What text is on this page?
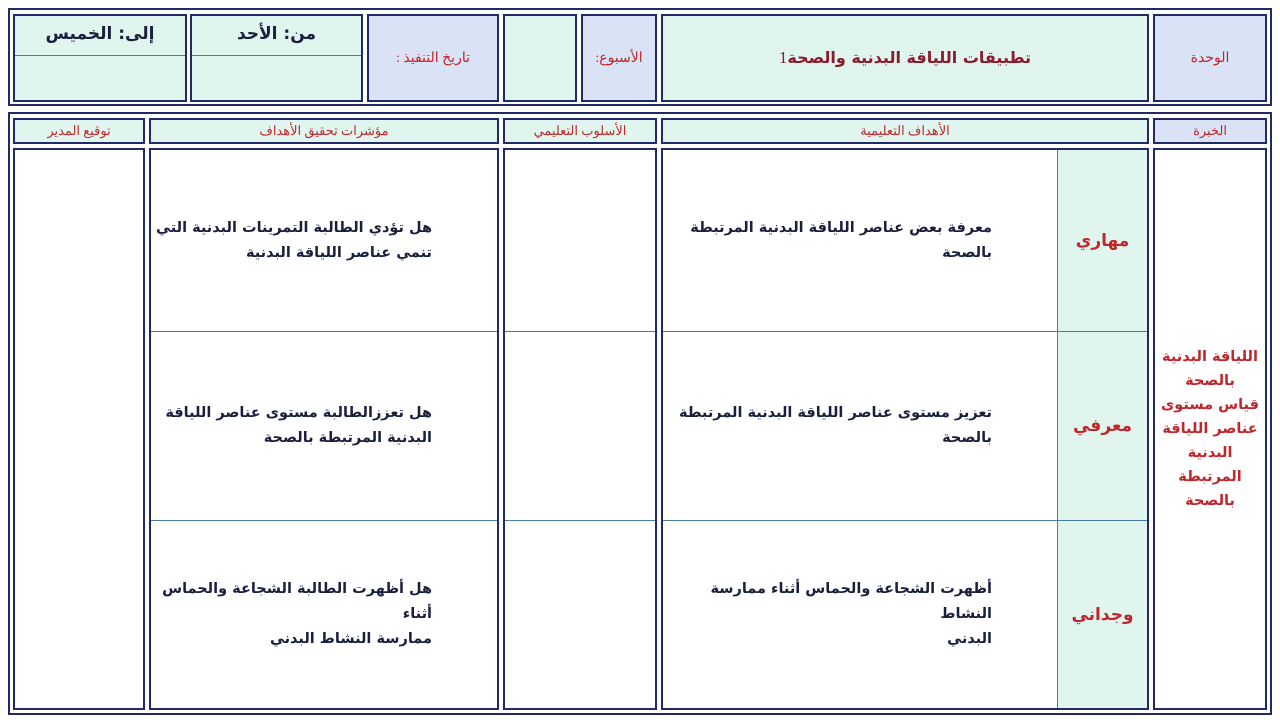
الوحدة
تطبيقات اللياقة البدنية والصحة1
الأسبوع:
تاريخ التنفيذ :
من: الأحد
إلى: الخميس
الخبرة
الأهداف التعليمية
الأسلوب التعليمي
مؤشرات تحقيق الأهداف
توقيع المدير
اللياقة البدنية
بالصحة
قياس مستوى
عناصر اللياقة
البدنية المرتبطة
بالصحة
مهاري
معرفي
وجداني
معرفة بعض عناصر اللياقة البدنية المرتبطة
بالصحة
تعزيز مستوى عناصر اللياقة البدنية المرتبطة
بالصحة
أظهرت الشجاعة والحماس أثناء ممارسة النشاط
البدني
هل تؤدي الطالبة التمرينات البدنية التي
تنمي عناصر اللياقة البدنية
هل تعززالطالبة مستوى عناصر اللياقة
البدنية المرتبطة بالصحة
هل أظهرت الطالبة الشجاعة والحماس أثناء
ممارسة النشاط البدني
